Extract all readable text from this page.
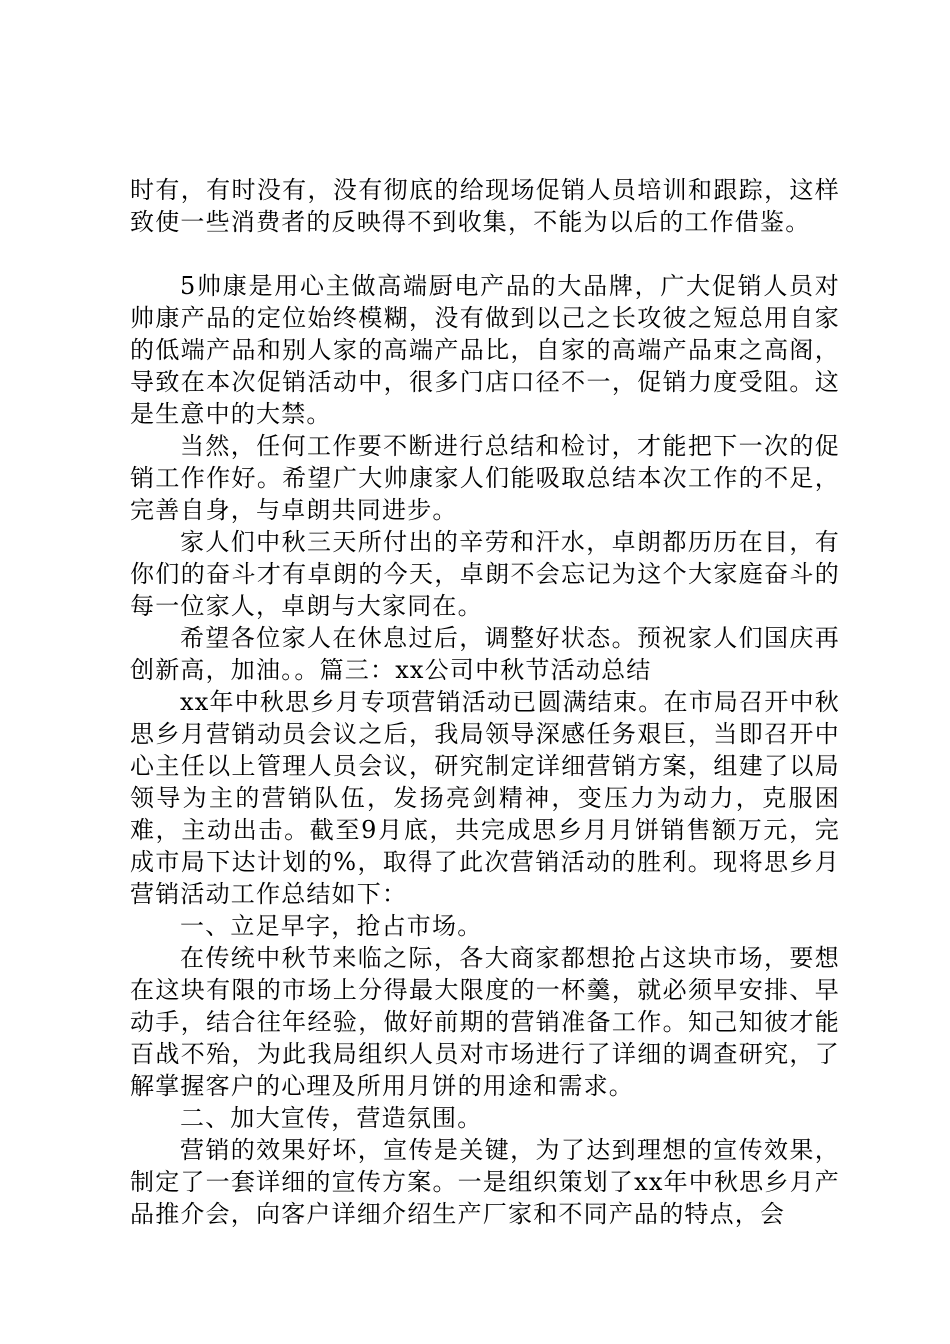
时有，有时没有，没有彻底的给现场促销人员培训和跟踪，这样致使一些消费者的反映得不到收集，不能为以后的工作借鉴。

5帅康是用心主做高端厨电产品的大品牌，广大促销人员对帅康产品的定位始终模糊，没有做到以己之长攻彼之短总用自家的低端产品和别人家的高端产品比，自家的高端产品束之高阁，导致在本次促销活动中，很多门店口径不一，促销力度受阻。这是生意中的大禁。

当然，任何工作要不断进行总结和检讨，才能把下一次的促销工作作好。希望广大帅康家人们能吸取总结本次工作的不足，完善自身，与卓朗共同进步。

家人们中秋三天所付出的辛劳和汗水，卓朗都历历在目，有你们的奋斗才有卓朗的今天，卓朗不会忘记为这个大家庭奋斗的每一位家人，卓朗与大家同在。

希望各位家人在休息过后，调整好状态。预祝家人们国庆再创新高，加油。。篇三：xx公司中秋节活动总结

xx年中秋思乡月专项营销活动已圆满结束。在市局召开中秋思乡月营销动员会议之后，我局领导深感任务艰巨，当即召开中心主任以上管理人员会议，研究制定详细营销方案，组建了以局领导为主的营销队伍，发扬亮剑精神，变压力为动力，克服困难，主动出击。截至9月底，共完成思乡月月饼销售额万元，完成市局下达计划的%，取得了此次营销活动的胜利。现将思乡月营销活动工作总结如下：

一、立足早字，抢占市场。

在传统中秋节来临之际，各大商家都想抢占这块市场，要想在这块有限的市场上分得最大限度的一杯羹，就必须早安排、早动手，结合往年经验，做好前期的营销准备工作。知己知彼才能百战不殆，为此我局组织人员对市场进行了详细的调查研究，了解掌握客户的心理及所用月饼的用途和需求。

二、加大宣传，营造氛围。

营销的效果好坏，宣传是关键，为了达到理想的宣传效果，制定了一套详细的宣传方案。一是组织策划了xx年中秋思乡月产品推介会，向客户详细介绍生产厂家和不同产品的特点，会
